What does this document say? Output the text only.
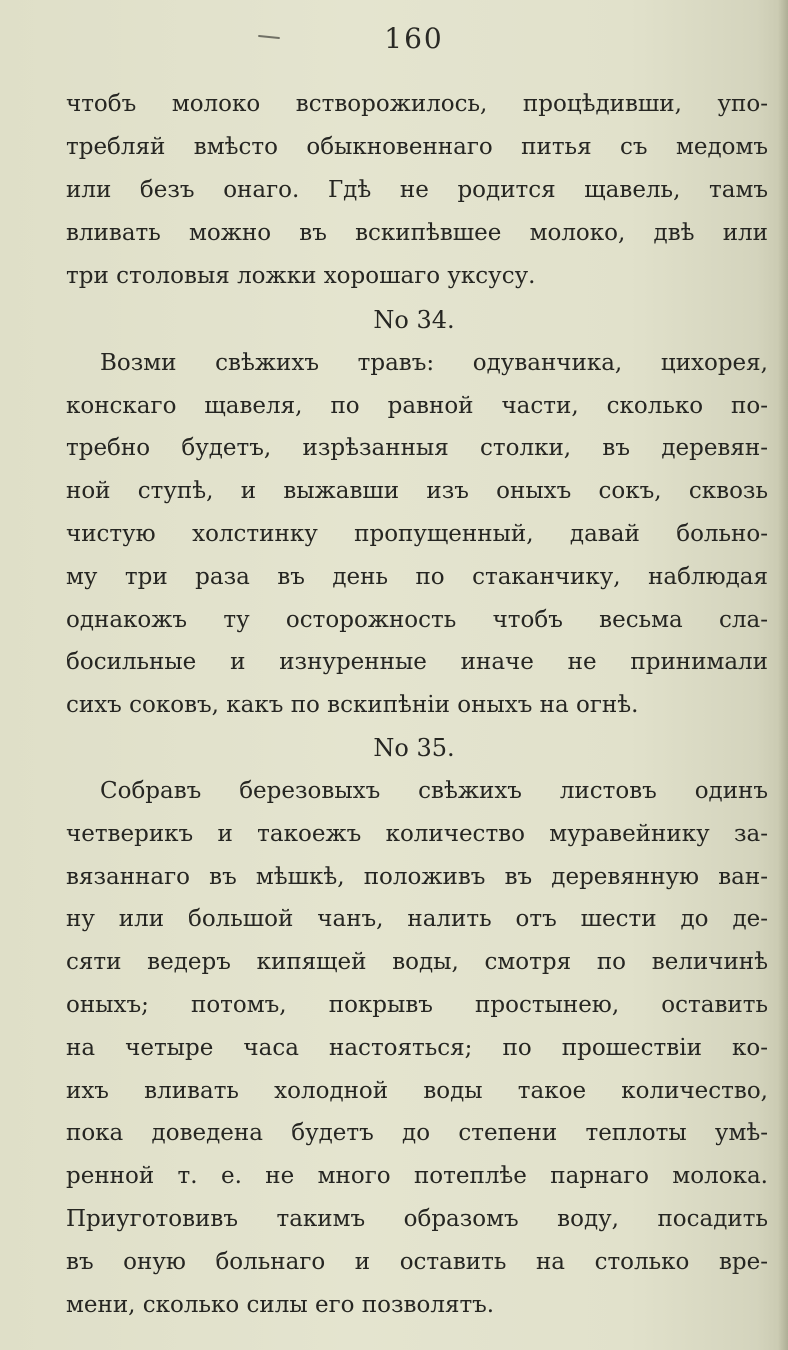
160
чтобъ молоко встворожилось, процѣдивши, упо-
требляй вмѣсто обыкновеннаго питья съ медомъ
или безъ онаго. Гдѣ не родится щавель, тамъ
вливать можно въ вскипѣвшее молоко, двѣ или
три столовыя ложки хорошаго уксусу.
No 34.
Возми свѣжихъ травъ: одуванчика, цихорея,
конскаго щавеля, по равной части, сколько по-
требно будетъ, изрѣзанныя столки, въ деревян-
ной ступѣ, и выжавши изъ оныхъ сокъ, сквозь
чистую холстинку пропущенный, давай больно-
му три раза въ день по стаканчику, наблюдая
однакожъ ту осторожность чтобъ весьма сла-
босильные и изнуренные иначе не принимали
сихъ соковъ, какъ по вскипѣніи оныхъ на огнѣ.
No 35.
Собравъ березовыхъ свѣжихъ листовъ одинъ
четверикъ и такоежъ количество муравейнику за-
вязаннаго въ мѣшкѣ, положивъ въ деревянную ван-
ну или большой чанъ, налить отъ шести до де-
сяти ведеръ кипящей воды, смотря по величинѣ
оныхъ; потомъ, покрывъ простынею, оставить
на четыре часа настояться; по прошествіи ко-
ихъ вливать холодной воды такое количество,
пока доведена будетъ до степени теплоты умѣ-
ренной т. е. не много потеплѣе парнаго молока.
Приуготовивъ такимъ образомъ воду, посадить
въ оную больнаго и оставить на столько вре-
мени, сколько силы его позволятъ.
